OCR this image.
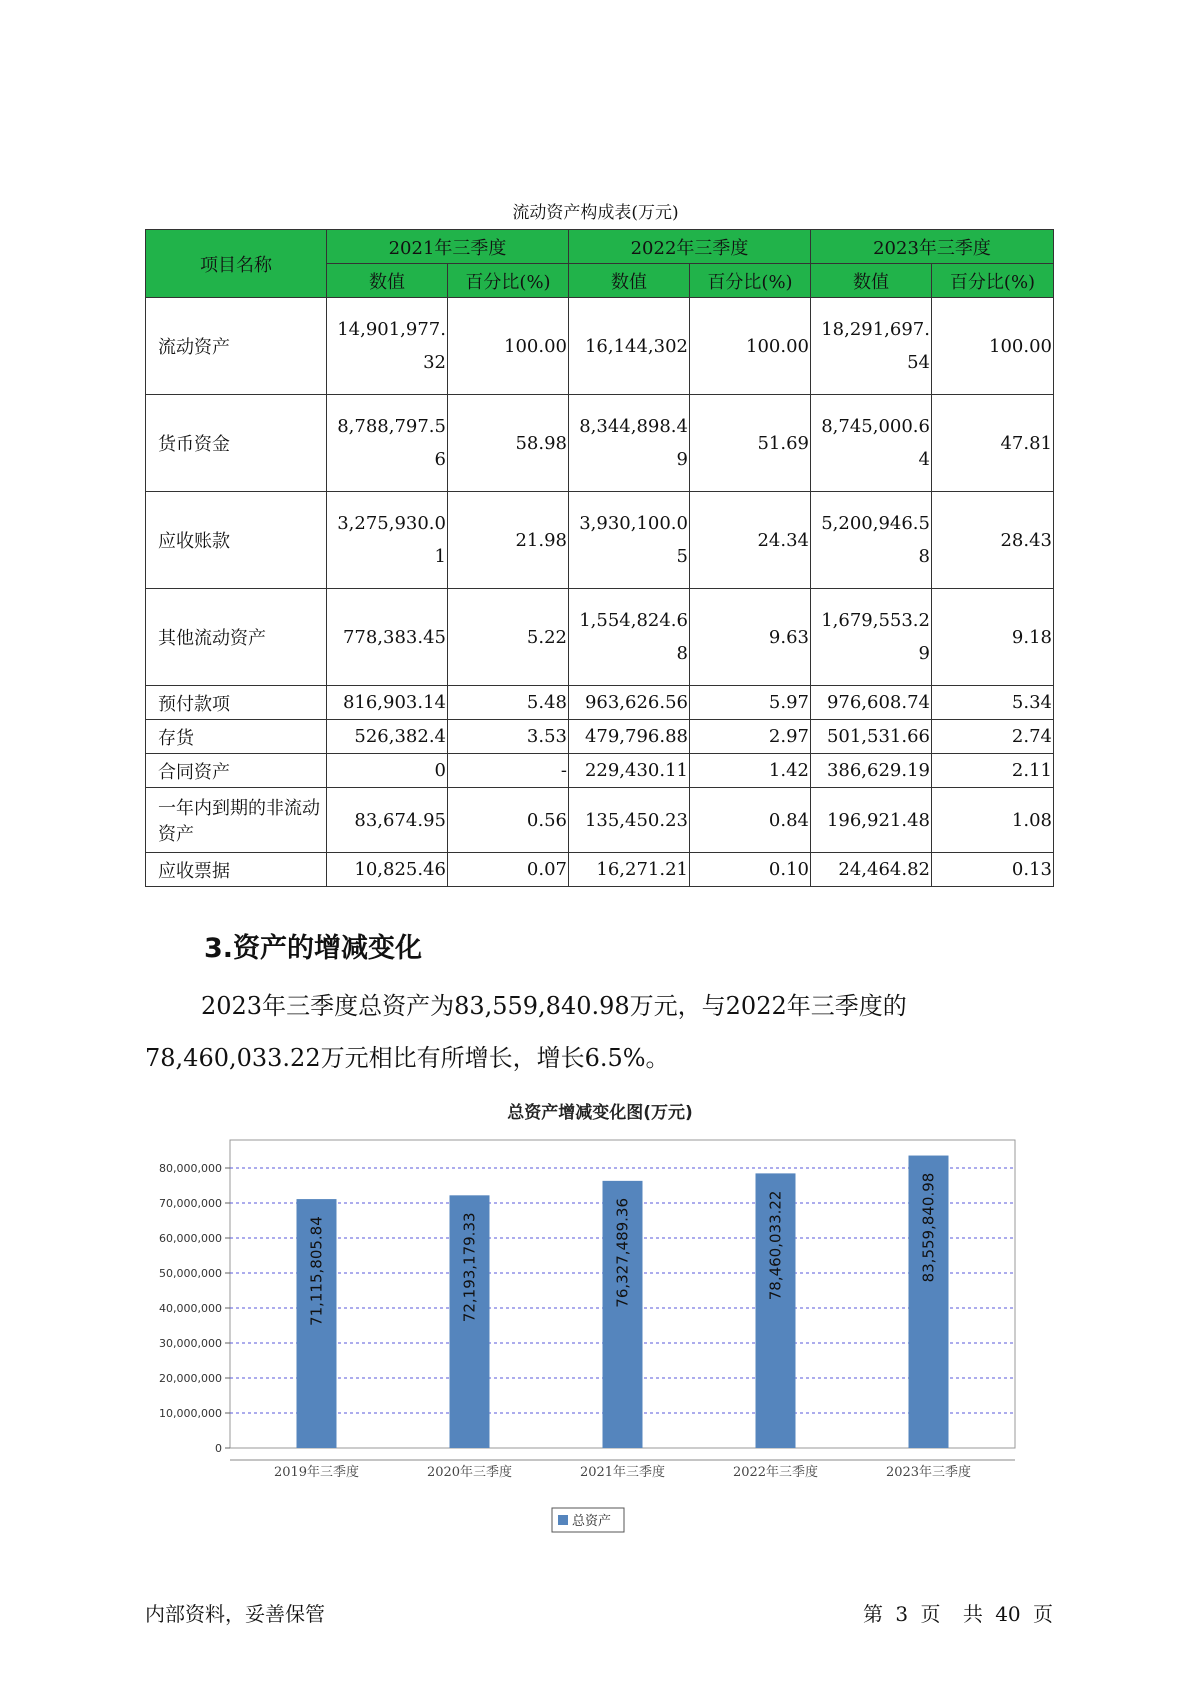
流动资产构成表(万元)
项目名称	2021年三季度		2022年三季度		2023年三季度	
	数值	百分比(%)	数值	百分比(%)	数值	百分比(%)
流动资产	14,901,977.32	100.00	16,144,302	100.00	18,291,697.54	100.00
货币资金	8,788,797.56	58.98	8,344,898.49	51.69	8,745,000.64	47.81
应收账款	3,275,930.01	21.98	3,930,100.05	24.34	5,200,946.58	28.43
其他流动资产	778,383.45	5.22	1,554,824.68	9.63	1,679,553.29	9.18
预付款项	816,903.14	5.48	963,626.56	5.97	976,608.74	5.34
存货	526,382.4	3.53	479,796.88	2.97	501,531.66	2.74
合同资产	0	-	229,430.11	1.42	386,629.19	2.11
一年内到期的非流动资产	83,674.95	0.56	135,450.23	0.84	196,921.48	1.08
应收票据	10,825.46	0.07	16,271.21	0.10	24,464.82	0.13
3.资产的增减变化
2023年三季度总资产为83,559,840.98万元，与2022年三季度的78,460,033.22万元相比有所增长，增长6.5%。
总资产增减变化图(万元)
0
10,000,000
20,000,000
30,000,000
40,000,000
50,000,000
60,000,000
70,000,000
80,000,000
71,115,805.84
2019年三季度
72,193,179.33
2020年三季度
76,327,489.36
2021年三季度
78,460,033.22
2022年三季度
83,559,840.98
2023年三季度
总资产
内部资料，妥善保管	第 3 页 共 40 页
